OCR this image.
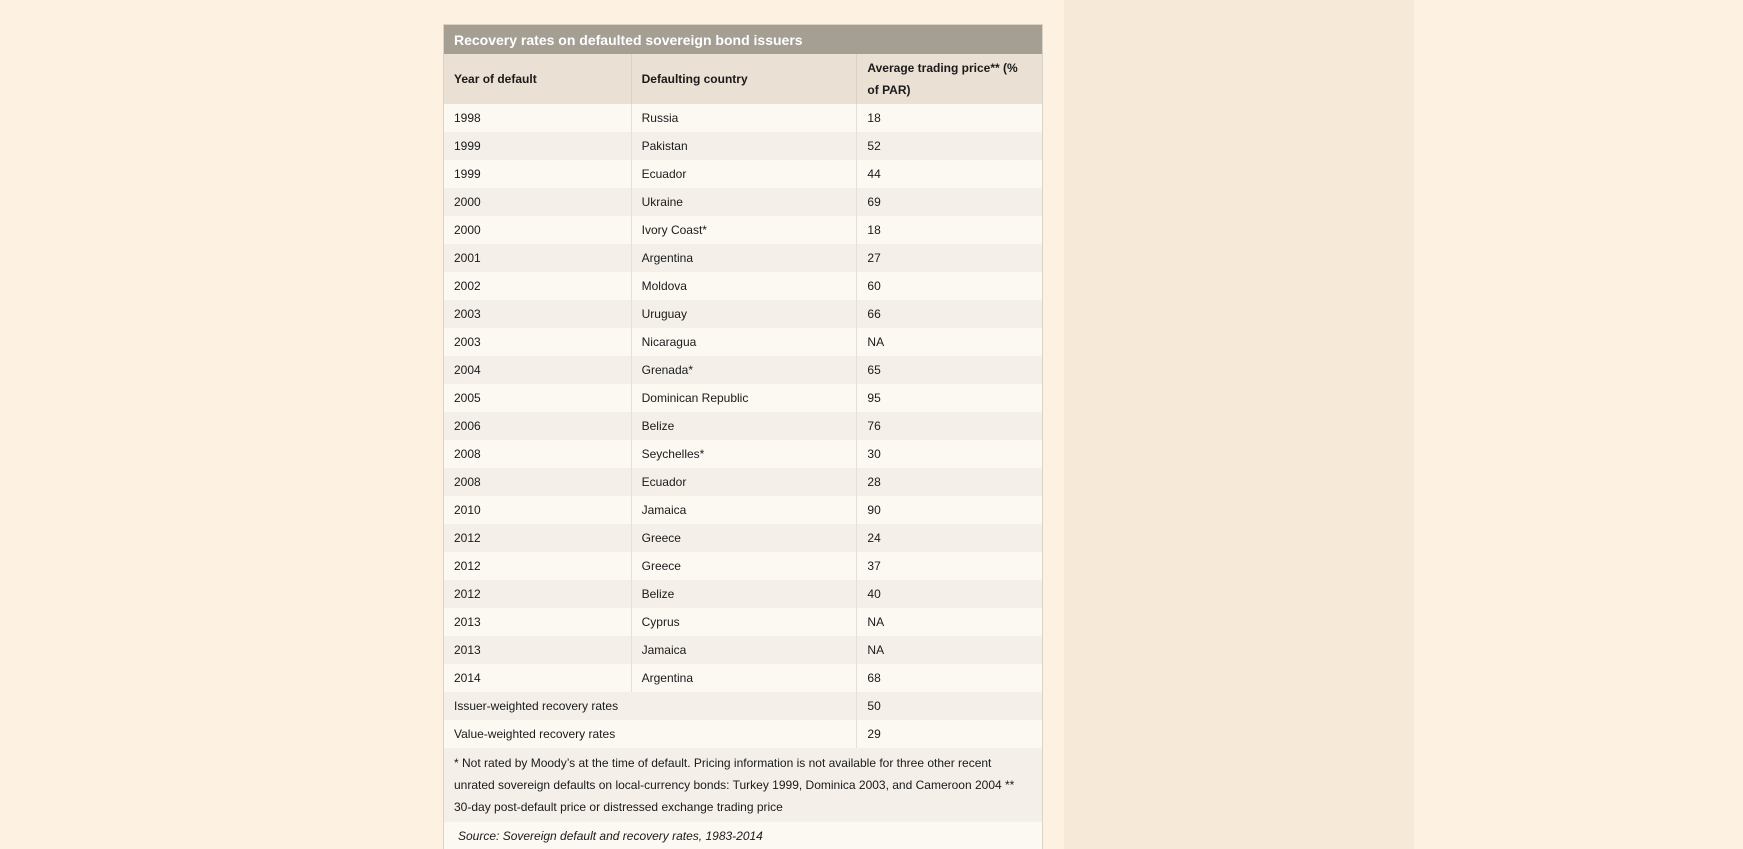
Recovery rates on defaulted sovereign bond issuers		
Year of default	Defaulting country	Average trading price** (% of PAR)
1998	Russia	18
1999	Pakistan	52
1999	Ecuador	44
2000	Ukraine	69
2000	Ivory Coast*	18
2001	Argentina	27
2002	Moldova	60
2003	Uruguay	66
2003	Nicaragua	NA
2004	Grenada*	65
2005	Dominican Republic	95
2006	Belize	76
2008	Seychelles*	30
2008	Ecuador	28
2010	Jamaica	90
2012	Greece	24
2012	Greece	37
2012	Belize	40
2013	Cyprus	NA
2013	Jamaica	NA
2014	Argentina	68
Issuer-weighted recovery rates		50
Value-weighted recovery rates		29
* Not rated by Moody’s at the time of default. Pricing information is not available for three other recent unrated sovereign defaults on local-currency bonds: Turkey 1999, Dominica 2003, and Cameroon 2004 ** 30-day post-default price or distressed exchange trading price		
Source: Sovereign default and recovery rates, 1983-2014		
